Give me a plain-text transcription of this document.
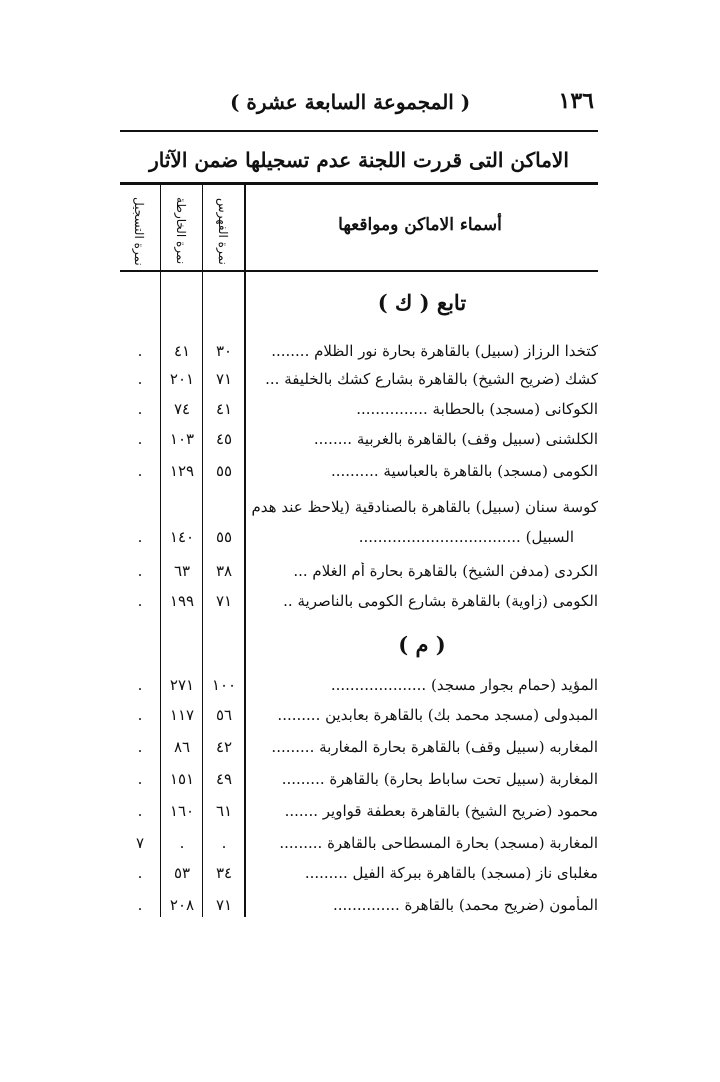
١٣٦
( المجموعة السابعة عشرة )
الاماكن التى قررت اللجنة عدم تسجيلها ضمن الآثار
أسماء الاماكن ومواقعها
نمرة التسجيل	نمرة الخارطة	نمرة الفهرس
تابع ( ك )
كتخدا الرزاز (سبيل) بالقاهرة بحارة نور الظلام ........
٣٠
٤١
.
كشك (ضريح الشيخ) بالقاهرة بشارع كشك بالخليفة ...
٧١
٢٠١
.
الكوكانى (مسجد) بالحطابة ...............
٤١
٧٤
.
الكلشنى (سبيل وقف) بالقاهرة بالغربية ........
٤٥
١٠٣
.
الكومى (مسجد) بالقاهرة بالعباسية ..........
٥٥
١٢٩
.
كوسة سنان (سبيل) بالقاهرة بالصنادقية (يلاحظ عند هدم
السبيل) ..................................
٥٥
١٤٠
.
الكردى (مدفن الشيخ) بالقاهرة بحارة أم الغلام ...
٣٨
٦٣
.
الكومى (زاوية) بالقاهرة بشارع الكومى بالناصرية ..
٧١
١٩٩
.
( م )
المؤيد (حمام بجوار مسجد) ....................
١٠٠
٢٧١
.
المبدولى (مسجد محمد بك) بالقاهرة بعابدين .........
٥٦
١١٧
.
المغاربه (سبيل وقف) بالقاهرة بحارة المغاربة .........
٤٢
٨٦
.
المغاربة (سبيل تحت ساباط بحارة) بالقاهرة .........
٤٩
١٥١
.
محمود (ضريح الشيخ) بالقاهرة بعطفة قواوير .......
٦١
١٦٠
.
المغاربة (مسجد) بحارة المسطاحى بالقاهرة .........
.
.
٧
مغلباى ناز (مسجد) بالقاهرة ببركة الفيل .........
٣٤
٥٣
.
المأمون (ضريح محمد) بالقاهرة ..............
٧١
٢٠٨
.
